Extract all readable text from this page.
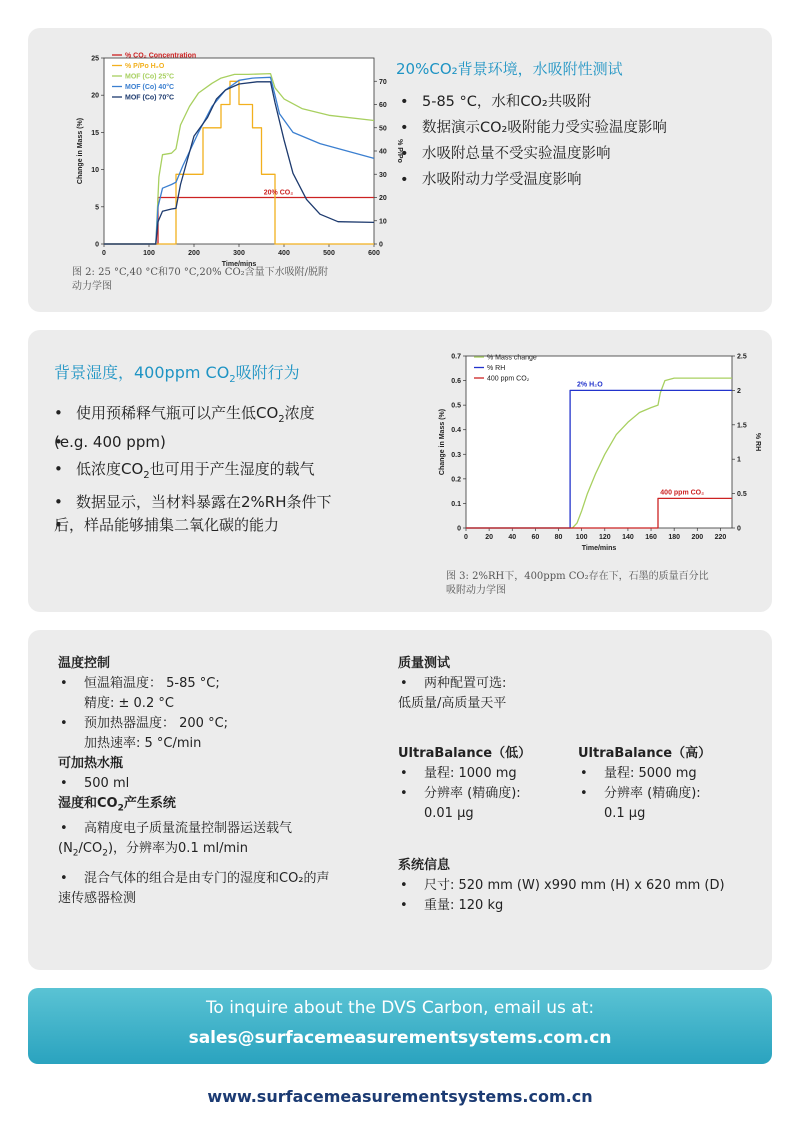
0	100	200	300	400	500	600
0
5
10
15
20
25
0
10
20
30
40
50
60
70
Time/mins
Change in Mass (%)	% P/Po
% CO₂ Concentration
% P/Po H₂O
MOF (Co) 25°C
MOF (Co) 40°C
MOF (Co) 70°C
20% CO₂
图 2: 25 °C,40 °C和70 °C,20% CO₂含量下水吸附/脱附
动力学图
20%CO₂背景环境，水吸附性测试
• 5-85 °C，水和CO₂共吸附
• 数据演示CO₂吸附能力受实验温度影响
• 水吸附总量不受实验温度影响
• 水吸附动力学受温度影响
背景湿度，400ppm $CO_2$吸附行为
• 使用预稀释气瓶可以产生低$CO_2$浓度
• (e.g. 400 ppm)
• 低浓度$CO_2$也可用于产生湿度的载气
• 数据显示，当材料暴露在2%RH条件下
• 后，样品能够捕集二氧化碳的能力
0 20 40 60 80 100 120 140 160 180 200 220
0
0.1
0.2
0.3
0.4
0.5
0.6
0.7
0
0.5
1
1.5
2
2.5
Time/mins
Change in Mass (%)	% RH
% Mass change
% RH
400 ppm CO₂
2% H₂O
400 ppm CO₂
图 3: 2%RH下，400ppm CO₂存在下，石墨的质量百分比
吸附动力学图
温度控制
• 恒温箱温度： 5-85 °C;
精度: ± 0.2 °C
• 预加热器温度： 200 °C;
加热速率: 5 °C/min
可加热水瓶
• 500 ml
湿度和$CO_2$产生系统
• 高精度电子质量流量控制器运送载气
$(N_2/CO_2)$，分辨率为0.1 ml/min
• 混合气体的组合是由专门的湿度和CO₂的声
速传感器检测
质量测试
• 两种配置可选:
低质量/高质量天平
UltraBalance（低）
• 量程: 1000 mg
• 分辨率 (精确度):
0.01 µg
UltraBalance（高）
• 量程: 5000 mg
• 分辨率 (精确度):
0.1 µg
系统信息
• 尺寸: 520 mm (W) x990 mm (H) x 620 mm (D)
• 重量: 120 kg
To inquire about the DVS Carbon, email us at:
sales@surfacemeasurementsystems.com.cn
www.surfacemeasurementsystems.com.cn
